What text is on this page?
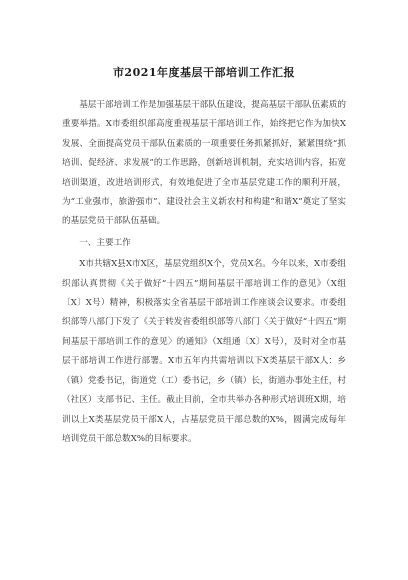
市2021年度基层干部培训工作汇报

基层干部培训工作是加强基层干部队伍建设，提高基层干部队伍素质的重要举措。X市委组织部高度重视基层干部培训工作，始终把它作为加快X发展、全面提高党员干部队伍素质的一项重要任务抓紧抓好，紧紧围绕“抓培训、促经济、求发展”的工作思路，创新培训机制，充实培训内容，拓宽培训渠道，改进培训形式，有效地促进了全市基层党建工作的顺利开展，为“工业强市，旅游强市”、建设社会主义新农村和构建“和谐X”奠定了坚实的基层党员干部队伍基础。

一、主要工作

X市共辖X县X市X区，基层党组织X个，党员X名。今年以来，X市委组织部认真贯彻《关于做好“十四五”期间基层干部培训工作的意见》（X组〔X〕X号）精神，积极落实全省基层干部培训工作座谈会议要求。市委组织部等八部门下发了《关于转发省委组织部等八部门〈关于做好“十四五”期间基层干部培训工作的意见〉的通知》（X组通〔X〕X号），及时对全市基层干部培训工作进行部署。X市五年内共需培训以下X类基层干部X人：乡（镇）党委书记，街道党（工）委书记，乡（镇）长，街道办事处主任，村（社区）支部书记、主任。截止目前，全市共举办各种形式培训班X期，培训以上X类基层党员干部X人，占基层党员干部总数的X%，圆满完成每年培训党员干部总数X%的目标要求。
